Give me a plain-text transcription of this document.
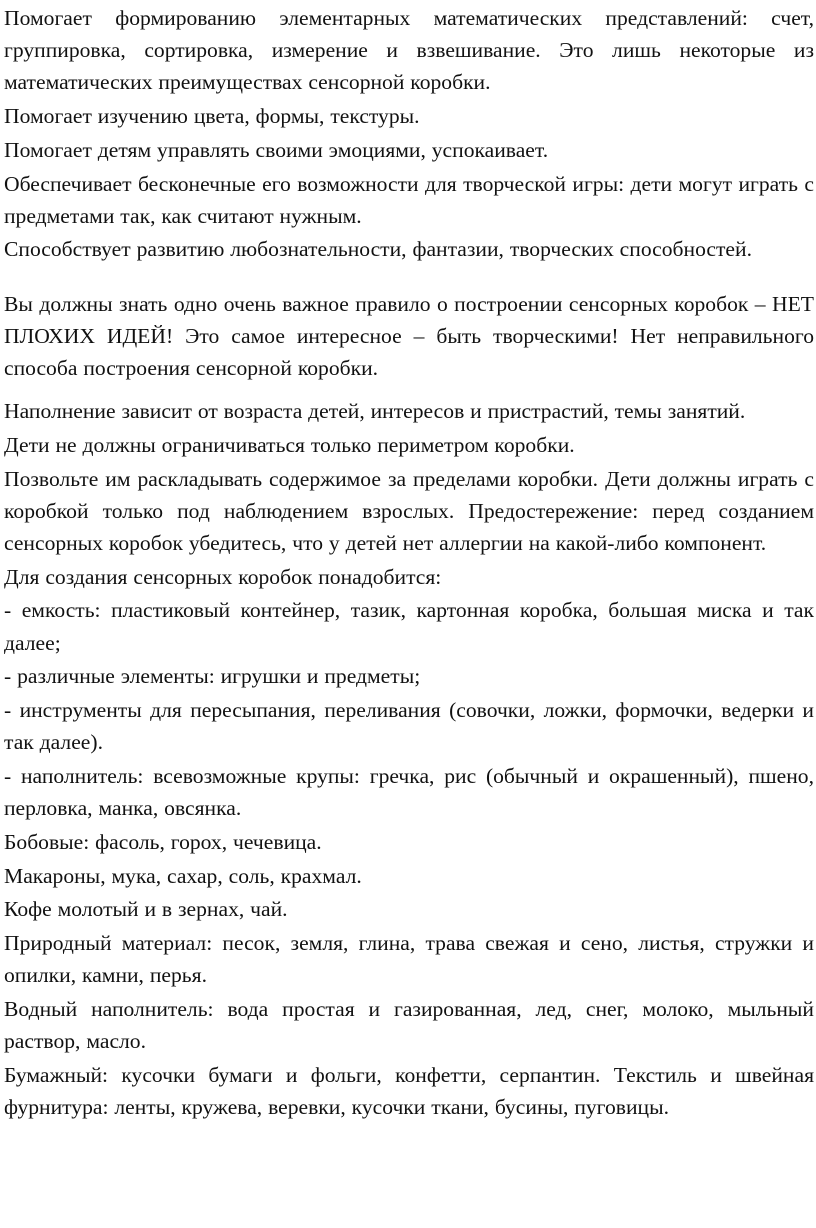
Помогает формированию элементарных математических представлений: счет, группировка, сортировка, измерение и взвешивание. Это лишь некоторые из математических преимуществах сенсорной коробки.

Помогает изучению цвета, формы, текстуры.

Помогает детям управлять своими эмоциями, успокаивает.

Обеспечивает бесконечные его возможности для творческой игры: дети могут играть с предметами так, как считают нужным.

Способствует развитию любознательности, фантазии, творческих способностей.

Вы должны знать одно очень важное правило о построении сенсорных коробок – НЕТ ПЛОХИХ ИДЕЙ! Это самое интересное – быть творческими! Нет неправильного способа построения сенсорной коробки.

Наполнение зависит от возраста детей, интересов и пристрастий, темы занятий.

Дети не должны ограничиваться только периметром коробки.

Позвольте им раскладывать содержимое за пределами коробки. Дети должны играть с коробкой только под наблюдением взрослых. Предостережение: перед созданием сенсорных коробок убедитесь, что у детей нет аллергии на какой-либо компонент.

Для создания сенсорных коробок понадобится:

- емкость: пластиковый контейнер, тазик, картонная коробка, большая миска и так далее;

- различные элементы: игрушки и предметы;

- инструменты для пересыпания, переливания (совочки, ложки, формочки, ведерки и так далее).

- наполнитель: всевозможные крупы: гречка, рис (обычный и окрашенный), пшено, перловка, манка, овсянка.

Бобовые: фасоль, горох, чечевица.

Макароны, мука, сахар, соль, крахмал.

Кофе молотый и в зернах, чай.

Природный материал: песок, земля, глина, трава свежая и сено, листья, стружки и опилки, камни, перья.

Водный наполнитель: вода простая и газированная, лед, снег, молоко, мыльный раствор, масло.

Бумажный: кусочки бумаги и фольги, конфетти, серпантин. Текстиль и швейная фурнитура: ленты, кружева, веревки, кусочки ткани, бусины, пуговицы.
